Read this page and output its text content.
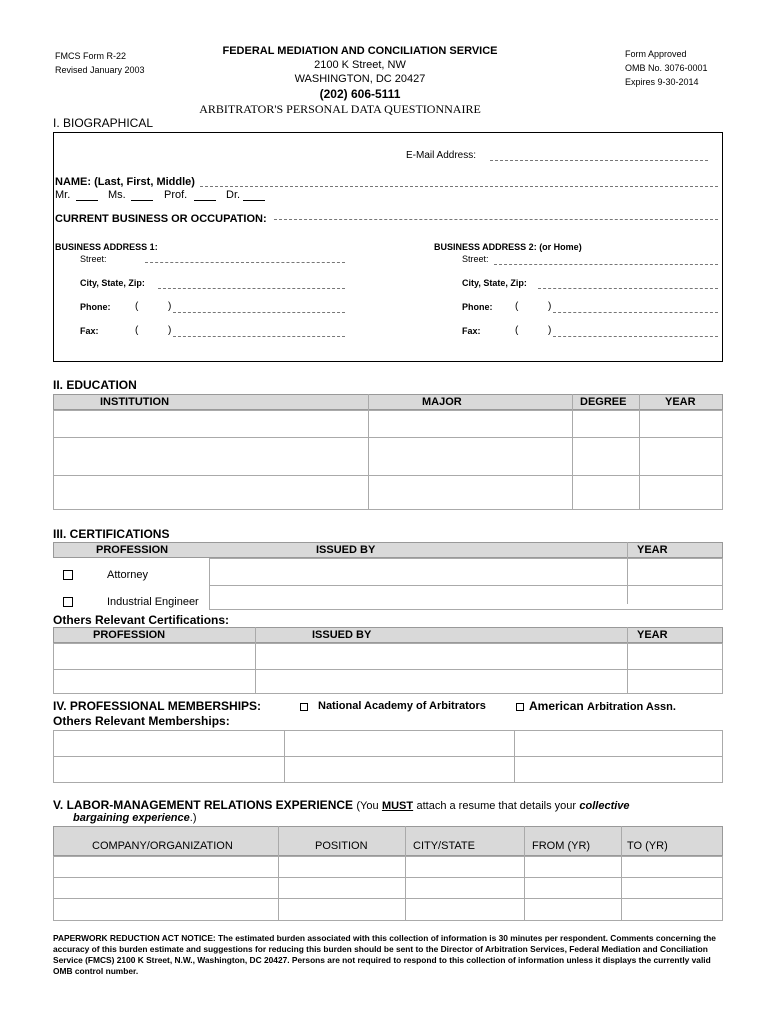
FMCS Form R-22
Revised January 2003
FEDERAL MEDIATION AND CONCILIATION SERVICE
2100 K Street, NW
WASHINGTON, DC 20427
(202) 606-5111
ARBITRATOR'S PERSONAL DATA QUESTIONNAIRE
Form Approved
OMB No. 3076-0001
Expires 9-30-2014
I. BIOGRAPHICAL
E-Mail Address:
NAME: (Last, First, Middle)
Mr.	Ms.	Prof.	Dr.
CURRENT BUSINESS OR OCCUPATION:
BUSINESS ADDRESS 1:
Street:
City, State, Zip:
Phone: (	)
Fax:	(	)
BUSINESS ADDRESS 2: (or Home)
Street:
City, State, Zip:
Phone: (	)
Fax:	(	)
II. EDUCATION
INSTITUTION	MAJOR	DEGREE	YEAR
III. CERTIFICATIONS
PROFESSION	ISSUED BY	YEAR
Attorney
Industrial Engineer
Others Relevant Certifications:
PROFESSION	ISSUED BY	YEAR
IV. PROFESSIONAL MEMBERSHIPS:	National Academy of Arbitrators	American Arbitration Assn.
Others Relevant Memberships:
V. LABOR-MANAGEMENT RELATIONS EXPERIENCE (You MUST attach a resume that details your collective
bargaining experience.)
COMPANY/ORGANIZATION	POSITION	CITY/STATE	FROM (YR)	TO (YR)
PAPERWORK REDUCTION ACT NOTICE: The estimated burden associated with this collection of information is 30 minutes per respondent. Comments concerning the accuracy of this burden estimate and suggestions for reducing this burden should be sent to the Director of Arbitration Services, Federal Mediation and Conciliation Service (FMCS) 2100 K Street, N.W., Washington, DC 20427. Persons are not required to respond to this collection of information unless it displays the currently valid OMB control number.
